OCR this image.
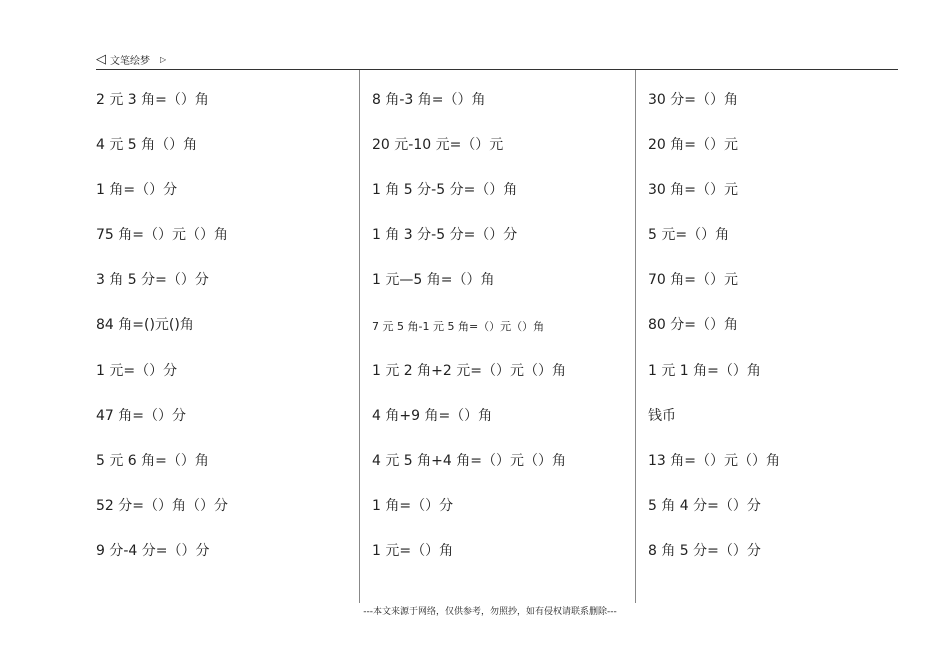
◁ 文笔绘梦 ▷
2 元 3 角=（）角
4 元 5 角（）角
1 角=（）分
75 角=（）元（）角
3 角 5 分=（）分
84 角=()元()角
1 元=（）分
47 角=（）分
5 元 6 角=（）角
52 分=（）角（）分
9 分-4 分=（）分
8 角-3 角=（）角
20 元-10 元=（）元
1 角 5 分-5 分=（）角
1 角 3 分-5 分=（）分
1 元—5 角=（）角
7 元 5 角-1 元 5 角=（）元（）角
1 元 2 角+2 元=（）元（）角
4 角+9 角=（）角
4 元 5 角+4 角=（）元（）角
1 角=（）分
1 元=（）角
30 分=（）角
20 角=（）元
30 角=（）元
5 元=（）角
70 角=（）元
80 分=（）角
1 元 1 角=（）角
钱币
13 角=（）元（）角
5 角 4 分=（）分
8 角 5 分=（）分
---本文来源于网络，仅供参考，勿照抄，如有侵权请联系删除---
